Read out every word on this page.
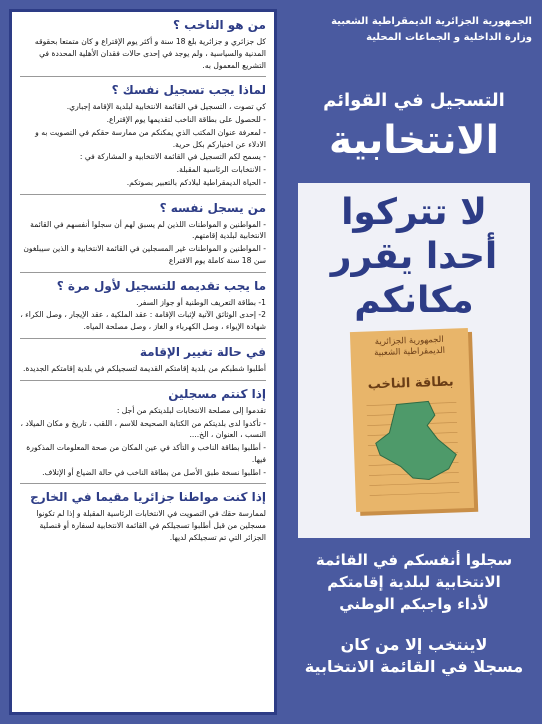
من هو الناخب ؟

كل جزائري و جزائرية بلغ 18 سنة و أكثر يوم الإقتراع و كان متمتعا بحقوقه المدنية والسياسية ، ولم يوجد في إحدى حالات فقدان الأهلية المحددة في التشريع المعمول به.

لماذا يجب تسجيل نفسك ؟

كي تصوت ، التسجيل في القائمة الانتخابية لبلدية الإقامة إجباري.

- للحصول على بطاقة الناخب لتقديمها يوم الإقتراع.

- لمعرفة عنوان المكتب الذي يمكنكم من ممارسة حقكم في التصويت به و الادلاء عن اختياركم بكل حرية.

- يسمح لكم التسجيل في القائمة الانتخابية و المشاركة في :

- الانتخابات الرئاسية المقبلة.

- الحياة الديمقراطية لبلادكم بالتعبير بصوتكم.

من يسجل نفسه ؟

- المواطنين و المواطنات اللذين لم يسبق لهم أن سجلوا أنفسهم في القائمة الانتخابية لبلدية إقامتهم.

- المواطنين و المواطنات غير المسجلين في القائمة الانتخابية و الذين سيبلغون سن 18 سنة كاملة يوم الاقتراع

ما يجب تقديمه للتسجيل لأول مرة ؟

1- بطاقة التعريف الوطنية أو جواز السفر.

2- إحدى الوثائق الآتية لإثبات الإقامة : عقد الملكية ، عقد الإيجار ، وصل الكراء ، شهادة الإيواء ، وصل الكهرباء و الغاز ، وصل مصلحة المياه.

في حالة تغيير الإقامة

أطلبوا شطبكم من بلدية إقامتكم القديمة لتسجيلكم في بلدية إقامتكم الجديدة.

إذا كنتم مسجلين

تقدموا إلى مصلحة الانتخابات لبلديتكم من أجل :

- تأكدوا لدى بلديتكم من الكتابة الصحيحة للاسم ، اللقب ، تاريخ و مكان الميلاد ، النسب ، العنوان ، الخ....

- أطلبوا بطاقة الناخب و التأكد في عين المكان من صحة المعلومات المذكورة فيها.

- اطلبوا نسخة طبق الأصل من بطاقة الناخب في حالة الضياع أو الإتلاف.

إذا كنت مواطنا جزائريا مقيما في الخارج

لممارسة حقك في التصويت في الانتخابات الرئاسية المقبلة و إذا لم تكونوا مسجلين من قبل أطلبوا تسجيلكم في القائمة الانتخابية لسفارة أو قنصلية الجزائر التي تم تسجيلكم لديها.

الجمهورية الجزائرية الديمقراطية الشعبية
وزارة الداخلية و الجماعات المحلية
التسجيل في القوائم
الانتخابية
لا تتركوا
أحدا يقرر
مكانكم
الجمهورية الجزائرية
الديمقراطية الشعبية
بطاقة الناخب
سجلوا أنفسكم في القائمة
الانتخابية لبلدية إقامتكم
لأداء واجبكم الوطني
لاينتخب إلا من كان
مسجلا في القائمة الانتخابية
